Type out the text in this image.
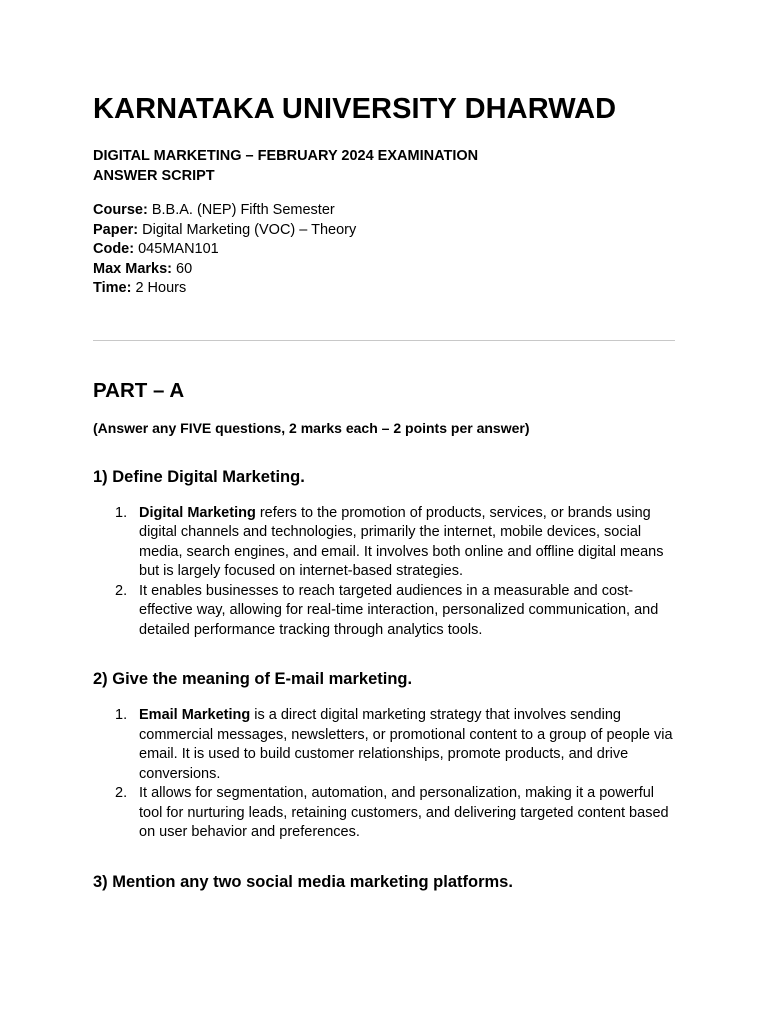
KARNATAKA UNIVERSITY DHARWAD
DIGITAL MARKETING – FEBRUARY 2024 EXAMINATION
ANSWER SCRIPT
Course: B.B.A. (NEP) Fifth Semester
Paper: Digital Marketing (VOC) – Theory
Code: 045MAN101
Max Marks: 60
Time: 2 Hours
PART – A
(Answer any FIVE questions, 2 marks each – 2 points per answer)
1) Define Digital Marketing.
1. Digital Marketing refers to the promotion of products, services, or brands using digital channels and technologies, primarily the internet, mobile devices, social media, search engines, and email. It involves both online and offline digital means but is largely focused on internet-based strategies.
2. It enables businesses to reach targeted audiences in a measurable and cost-effective way, allowing for real-time interaction, personalized communication, and detailed performance tracking through analytics tools.
2) Give the meaning of E-mail marketing.
1. Email Marketing is a direct digital marketing strategy that involves sending commercial messages, newsletters, or promotional content to a group of people via email. It is used to build customer relationships, promote products, and drive conversions.
2. It allows for segmentation, automation, and personalization, making it a powerful tool for nurturing leads, retaining customers, and delivering targeted content based on user behavior and preferences.
3) Mention any two social media marketing platforms.
